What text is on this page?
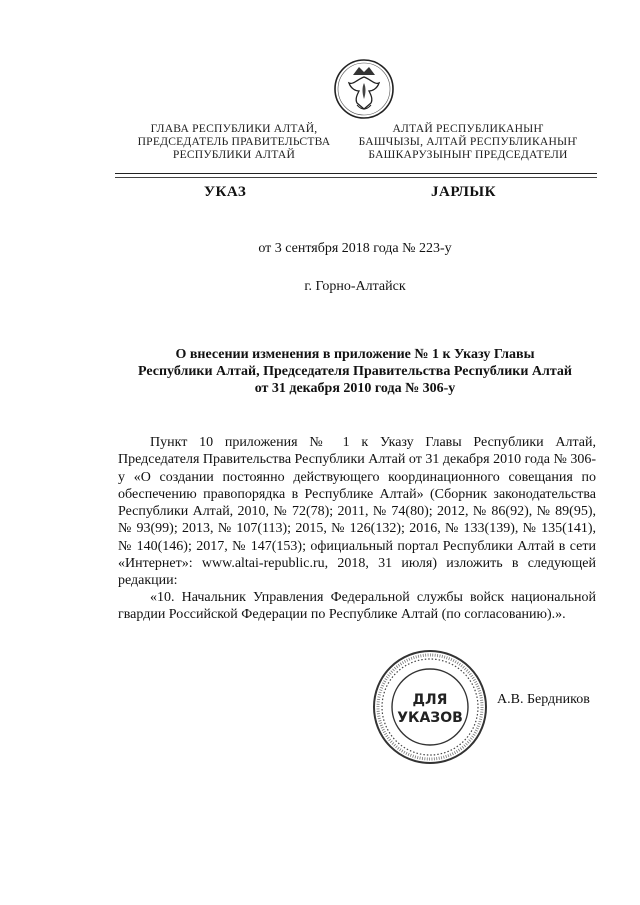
ГЛАВА РЕСПУБЛИКИ АЛТАЙ,
ПРЕДСЕДАТЕЛЬ ПРАВИТЕЛЬСТВА
РЕСПУБЛИКИ АЛТАЙ
АЛТАЙ РЕСПУБЛИКАНЫҤ
БАШЧЫЗЫ, АЛТАЙ РЕСПУБЛИКАНЫҤ
БАШКАРУЗЫНЫҤ ПРЕДСЕДАТЕЛИ
УКАЗ	JАРЛЫК
от 3 сентября 2018 года № 223-у
г. Горно-Алтайск
О внесении изменения в приложение № 1 к Указу Главы
Республики Алтай, Председателя Правительства Республики Алтай
от 31 декабря 2010 года № 306-у
Пункт 10 приложения № 1 к Указу Главы Республики Алтай, Председателя Правительства Республики Алтай от 31 декабря 2010 года № 306-у «О создании постоянно действующего координационного совещания по обеспечению правопорядка в Республике Алтай» (Сборник законодательства Республики Алтай, 2010, № 72(78); 2011, № 74(80); 2012, № 86(92), № 89(95), № 93(99); 2013, № 107(113); 2015, № 126(132); 2016, № 133(139), № 135(141), № 140(146); 2017, № 147(153); официальный портал Республики Алтай в сети «Интернет»: www.altai-republic.ru, 2018, 31 июля) изложить в следующей редакции:
«10. Начальник Управления Федеральной службы войск национальной гвардии Российской Федерации по Республике Алтай (по согласованию).».
ДЛЯ
УКАЗОВ
А.В. Бердников
